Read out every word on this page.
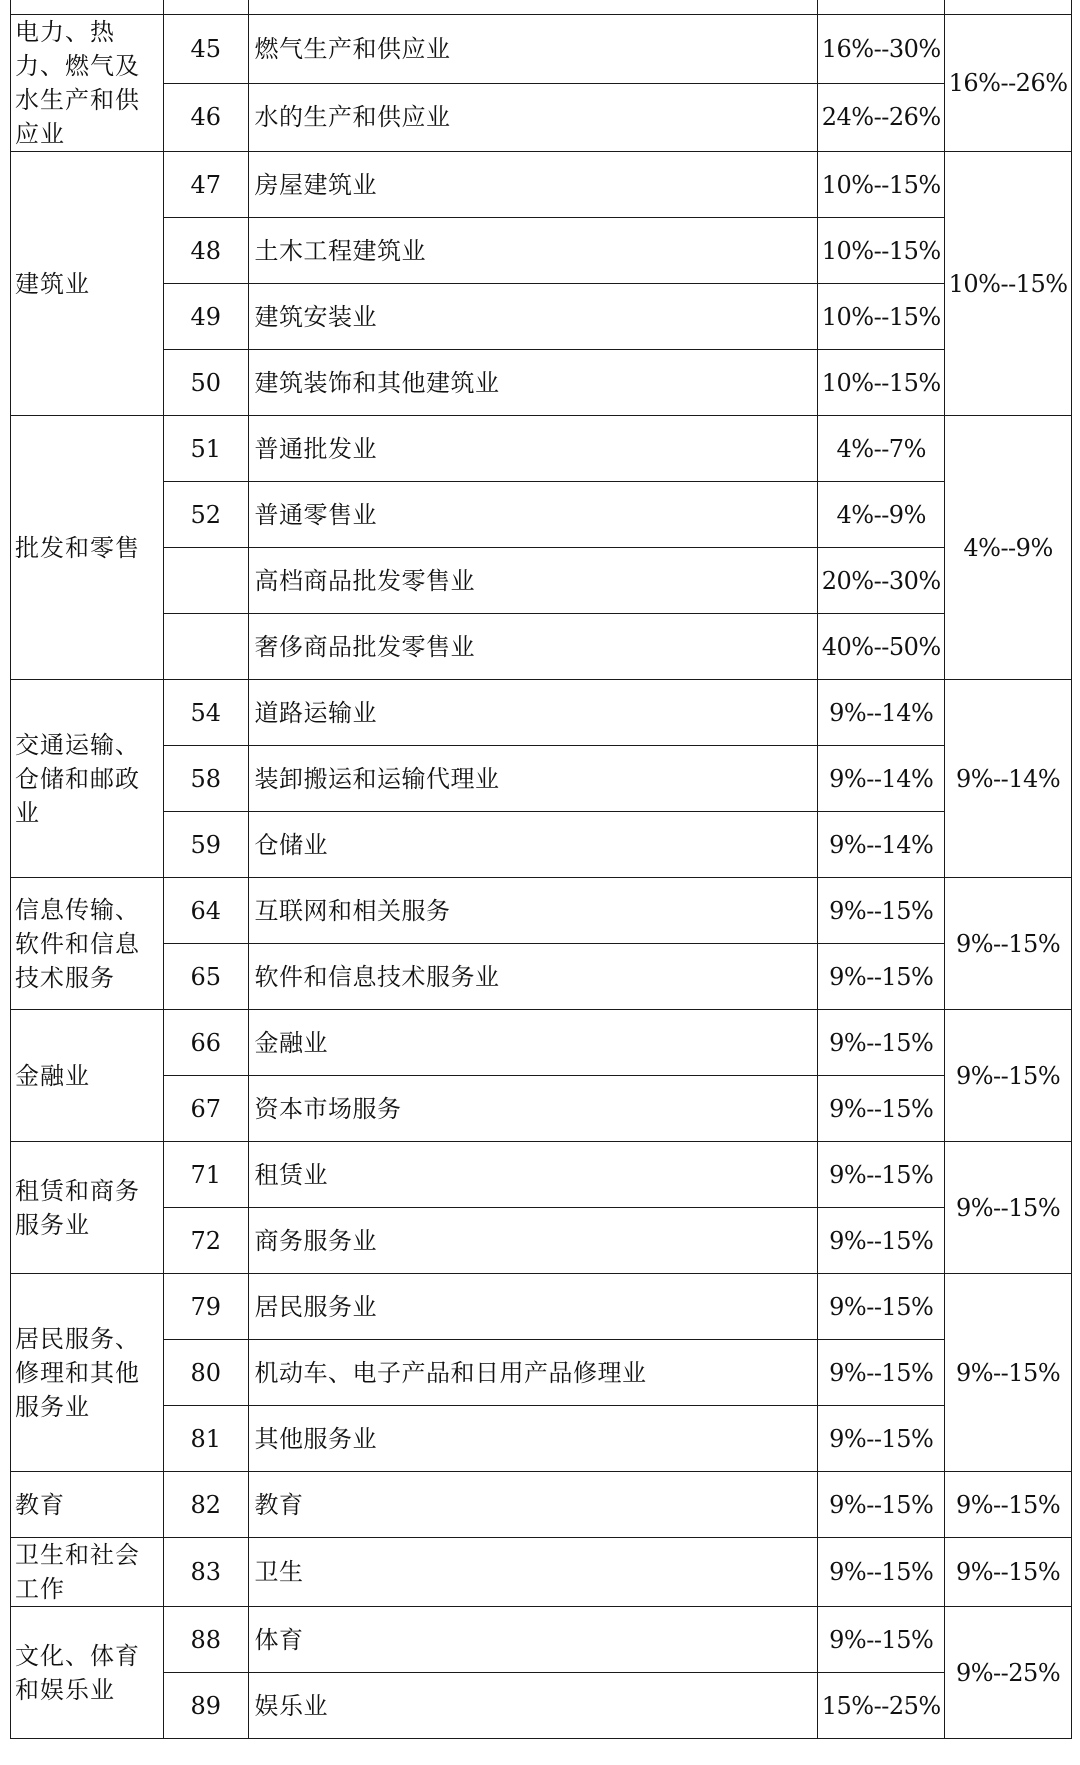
电力、热力、燃气及水生产和供应业	45	燃气生产和供应业	16%--30%	16%--26%
	46	水的生产和供应业	24%--26%	
建筑业	47	房屋建筑业	10%--15%	10%--15%
	48	土木工程建筑业	10%--15%	
	49	建筑安装业	10%--15%	
	50	建筑装饰和其他建筑业	10%--15%	
批发和零售	51	普通批发业	4%--7%	4%--9%
	52	普通零售业	4%--9%	
		高档商品批发零售业	20%--30%	
		奢侈商品批发零售业	40%--50%	
交通运输、仓储和邮政业	54	道路运输业	9%--14%	9%--14%
	58	装卸搬运和运输代理业	9%--14%	
	59	仓储业	9%--14%	
信息传输、软件和信息技术服务	64	互联网和相关服务	9%--15%	9%--15%
	65	软件和信息技术服务业	9%--15%	
金融业	66	金融业	9%--15%	9%--15%
	67	资本市场服务	9%--15%	
租赁和商务服务业	71	租赁业	9%--15%	9%--15%
	72	商务服务业	9%--15%	
居民服务、修理和其他服务业	79	居民服务业	9%--15%	9%--15%
	80	机动车、电子产品和日用产品修理业	9%--15%	
	81	其他服务业	9%--15%	
教育	82	教育	9%--15%	9%--15%
卫生和社会工作	83	卫生	9%--15%	9%--15%
文化、体育和娱乐业	88	体育	9%--15%	9%--25%
	89	娱乐业	15%--25%	
